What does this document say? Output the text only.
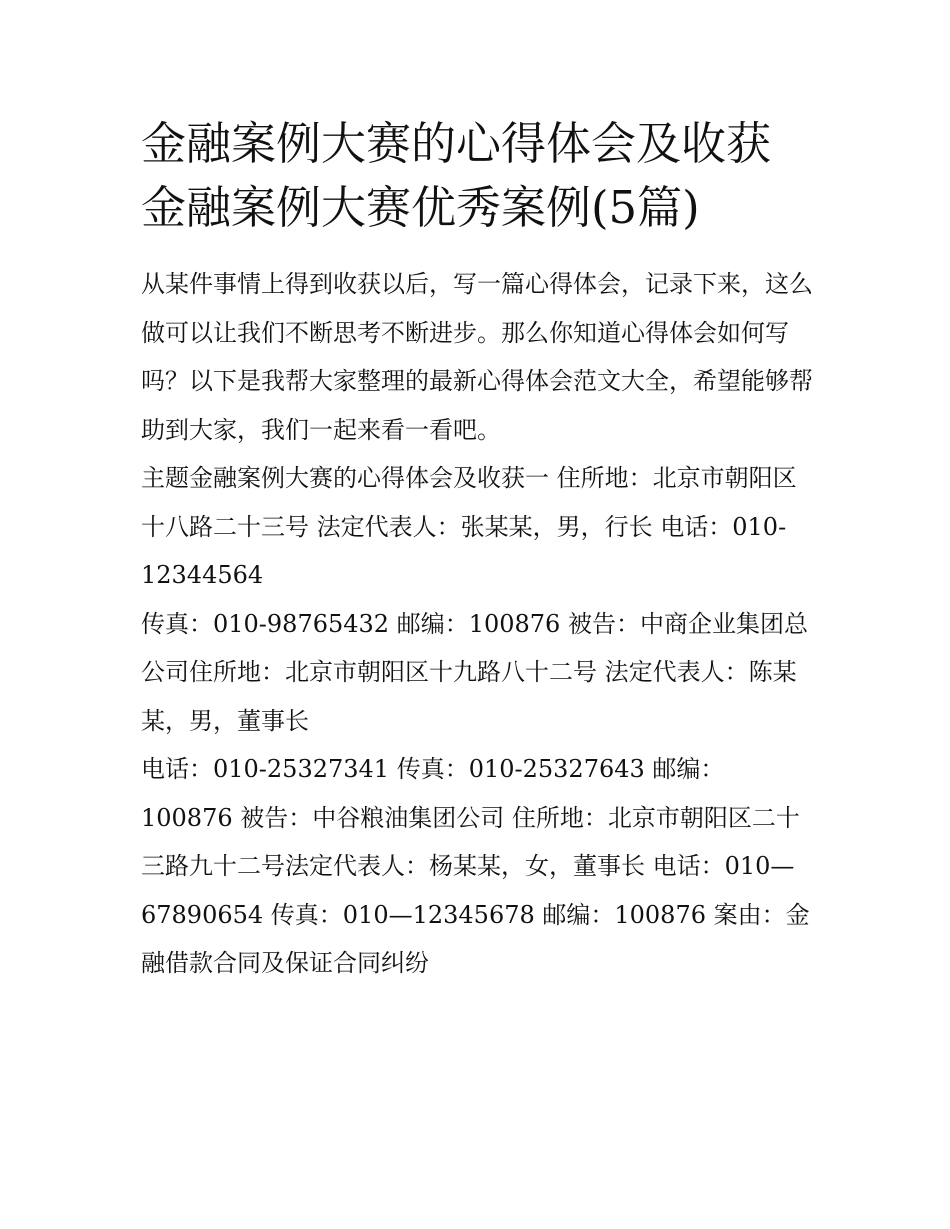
金融案例大赛的心得体会及收获 金融案例大赛优秀案例(5篇)

从某件事情上得到收获以后，写一篇心得体会，记录下来，这么做可以让我们不断思考不断进步。那么你知道心得体会如何写吗？以下是我帮大家整理的最新心得体会范文大全，希望能够帮助到大家，我们一起来看一看吧。

主题金融案例大赛的心得体会及收获一 住所地：北京市朝阳区十八路二十三号 法定代表人：张某某，男，行长 电话：010-12344564

传真：010-98765432 邮编：100876 被告：中商企业集团总公司住所地：北京市朝阳区十九路八十二号 法定代表人：陈某某，男，董事长

电话：010-25327341 传真：010-25327643 邮编：100876 被告：中谷粮油集团公司 住所地：北京市朝阳区二十三路九十二号法定代表人：杨某某，女，董事长 电话：010—67890654 传真：010—12345678 邮编：100876 案由：金融借款合同及保证合同纠纷
